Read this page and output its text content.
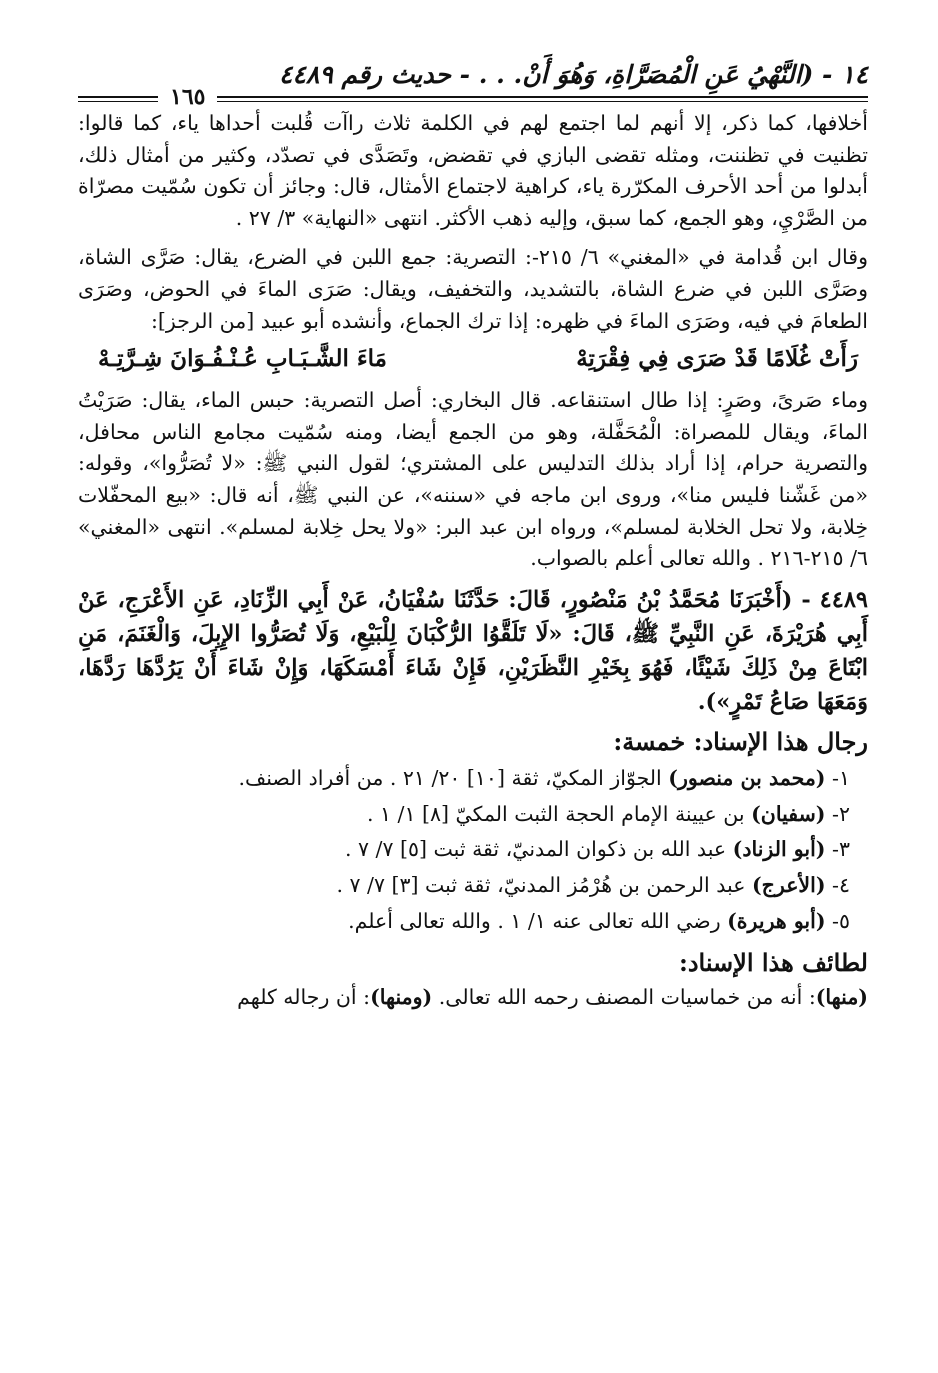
١٤ - (النَّهْيُ عَنِ الْمُصَرَّاةِ، وَهُوَ أَنْ. . . - حديث رقم ٤٤٨٩
١٦٥

أخلافها، كما ذكر، إلا أنهم لما اجتمع لهم في الكلمة ثلاث راآت قُلبت أحداها ياء، كما قالوا: تظنيت في تظننت، ومثله تقضى البازي في تقضض، وتَصَدَّى في تصدّد، وكثير من أمثال ذلك، أبدلوا من أحد الأحرف المكرّرة ياء، كراهية لاجتماع الأمثال، قال: وجائز أن تكون سُمّيت مصرّاة من الصَّرْيِ، وهو الجمع، كما سبق، وإليه ذهب الأكثر. انتهى «النهاية» ٣/ ٢٧ .

وقال ابن قُدامة في «المغني» ٦/ ٢١٥-: التصرية: جمع اللبن في الضرع، يقال: صَرَّى الشاة، وصَرَّى اللبن في ضرع الشاة، بالتشديد، والتخفيف، ويقال: صَرَى الماءَ في الحوض، وصَرَى الطعامَ في فيه، وصَرَى الماءَ في ظهره: إذا ترك الجماع، وأنشده أبو عبيد [من الرجز]:

رَأَتْ غُلَامًا قَدْ صَرَى فِي فِقْرَتِهْ
مَاءَ الشَّـبَـابِ عُـنْـفُـوَانَ شِـرَّتِـهْ

وماء صَرىً، وصَرٍ: إذا طال استنقاعه. قال البخاري: أصل التصرية: حبس الماء، يقال: صَرَيْتُ الماءَ، ويقال للمصراة: الْمُحَفَّلة، وهو من الجمع أيضا، ومنه سُمّيت مجامع الناس محافل، والتصرية حرام، إذا أراد بذلك التدليس على المشتري؛ لقول النبي ﷺ: «لا تُصَرُّوا»، وقوله: «من غَشّنا فليس منا»، وروى ابن ماجه في «سننه»، عن النبي ﷺ، أنه قال: «بيع المحفّلات خِلابة، ولا تحل الخلابة لمسلم»، ورواه ابن عبد البر: «ولا يحل خِلابة لمسلم». انتهى «المغني» ٦/ ٢١٥-٢١٦ . والله تعالى أعلم بالصواب.

٤٤٨٩ - (أَخْبَرَنَا مُحَمَّدُ بْنُ مَنْصُورٍ، قَالَ: حَدَّثَنَا سُفْيَانُ، عَنْ أَبِي الزِّنَادِ، عَنِ الأَعْرَجِ، عَنْ أَبِي هُرَيْرَةَ، عَنِ النَّبِيِّ ﷺ، قَالَ: «لَا تَلَقَّوُا الرُّكْبَانَ لِلْبَيْعِ، وَلَا تُصَرُّوا الإِبِلَ، وَالْغَنَمَ، مَنِ ابْتَاعَ مِنْ ذَلِكَ شَيْئًا، فَهُوَ بِخَيْرِ النَّظَرَيْنِ، فَإِنْ شَاءَ أَمْسَكَهَا، وَإِنْ شَاءَ أَنْ يَرُدَّهَا رَدَّهَا، وَمَعَهَا صَاعُ تَمْرٍ»).

رجال هذا الإسناد: خمسة:
١- (محمد بن منصور) الجوّاز المكيّ، ثقة [١٠] ٢٠/ ٢١ . من أفراد الصنف.
٢- (سفيان) بن عيينة الإمام الحجة الثبت المكيّ [٨] ١/ ١ .
٣- (أبو الزناد) عبد الله بن ذكوان المدنيّ، ثقة ثبت [٥] ٧/ ٧ .
٤- (الأعرج) عبد الرحمن بن هُرْمُز المدنيّ، ثقة ثبت [٣] ٧/ ٧ .
٥- (أبو هريرة) رضي الله تعالى عنه ١/ ١ . والله تعالى أعلم.
لطائف هذا الإسناد:

(منها): أنه من خماسيات المصنف رحمه الله تعالى. (ومنها): أن رجاله كلهم
